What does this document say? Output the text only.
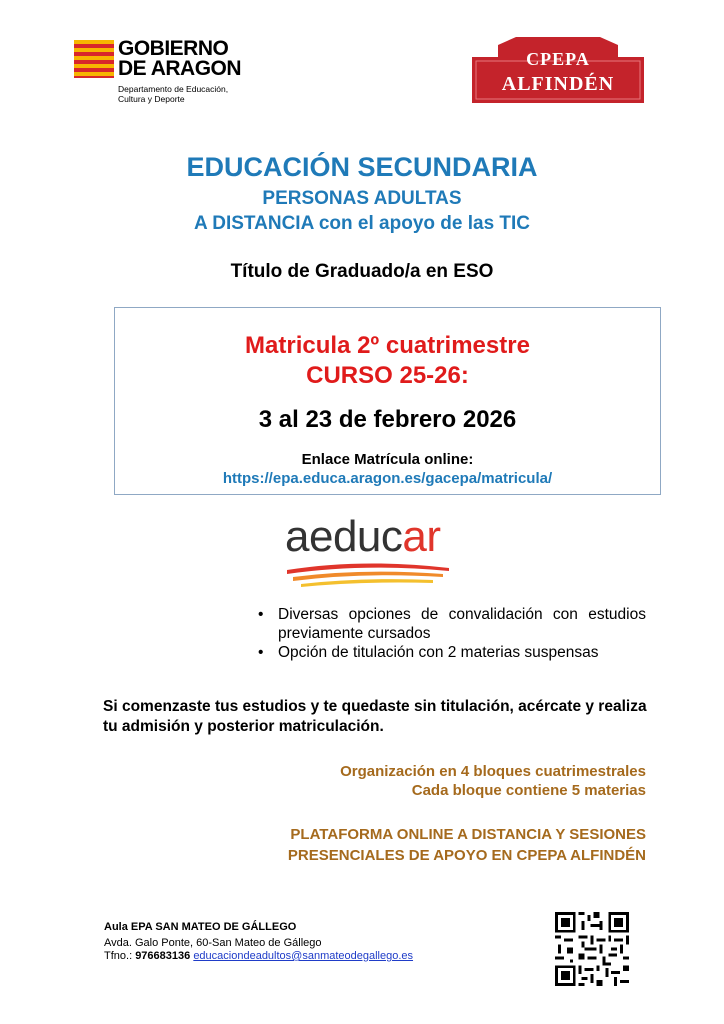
GOBIERNO
DE ARAGON
Departamento de Educación,
Cultura y Deporte
CPEPA
ALFINDÉN
EDUCACIÓN SECUNDARIA
PERSONAS ADULTAS
A DISTANCIA con el apoyo de las TIC
Título de Graduado/a en ESO
Matricula 2º cuatrimestre
CURSO 25-26:
3 al 23 de febrero 2026
Enlace Matrícula online:
https://epa.educa.aragon.es/gacepa/matricula/
aeducar
• Diversas opciones de convalidación con estudios previamente cursados
• Opción de titulación con 2 materias suspensas
Si comenzaste tus estudios y te quedaste sin titulación, acércate y realiza tu admisión y posterior matriculación.
Organización en 4 bloques cuatrimestrales
Cada bloque contiene 5 materias
PLATAFORMA ONLINE A DISTANCIA Y SESIONES
PRESENCIALES DE APOYO EN CPEPA ALFINDÉN
Aula EPA SAN MATEO DE GÁLLEGO
Avda. Galo Ponte, 60-San Mateo de Gállego
Tfno.: 976683136 educaciondeadultos@sanmateodegallego.es
